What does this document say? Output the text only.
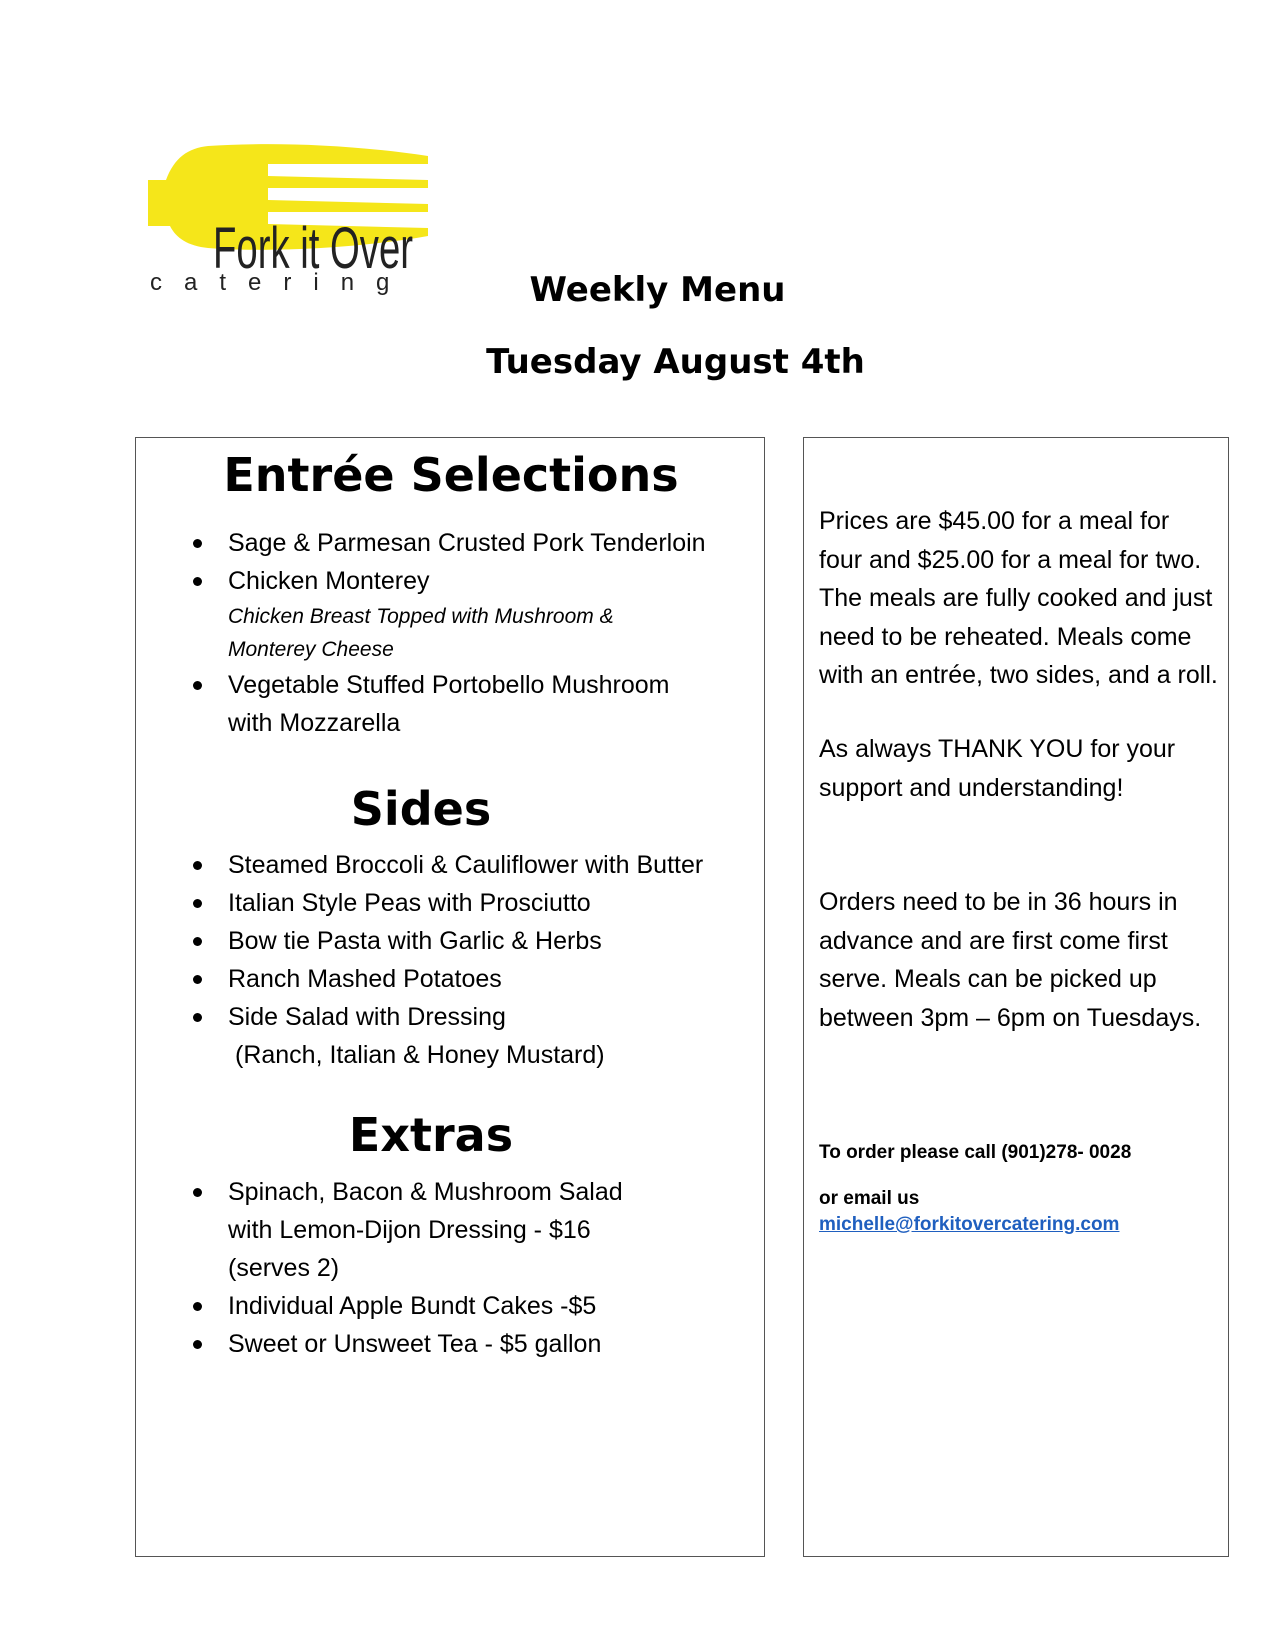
Fork it Over
catering	Weekly Menu
Tuesday August 4th
Entrée Selections
Sage & Parmesan Crusted Pork Tenderloin
Chicken Monterey
Chicken Breast Topped with Mushroom & Monterey Cheese
Vegetable Stuffed Portobello Mushroom with Mozzarella
Sides
Steamed Broccoli & Cauliflower with Butter
Italian Style Peas with Prosciutto
Bow tie Pasta with Garlic & Herbs
Ranch Mashed Potatoes
Side Salad with Dressing
(Ranch, Italian & Honey Mustard)
Extras
Spinach, Bacon & Mushroom Salad with Lemon-Dijon Dressing - $16 (serves 2)
Individual Apple Bundt Cakes -$5
Sweet or Unsweet Tea - $5 gallon

Prices are $45.00 for a meal for four and $25.00 for a meal for two. The meals are fully cooked and just need to be reheated. Meals come with an entrée, two sides, and a roll.

As always THANK YOU for your support and understanding!

Orders need to be in 36 hours in advance and are first come first serve. Meals can be picked up between 3pm – 6pm on Tuesdays.

To order please call (901)278- 0028

or email us

michelle@forkitovercatering.com
